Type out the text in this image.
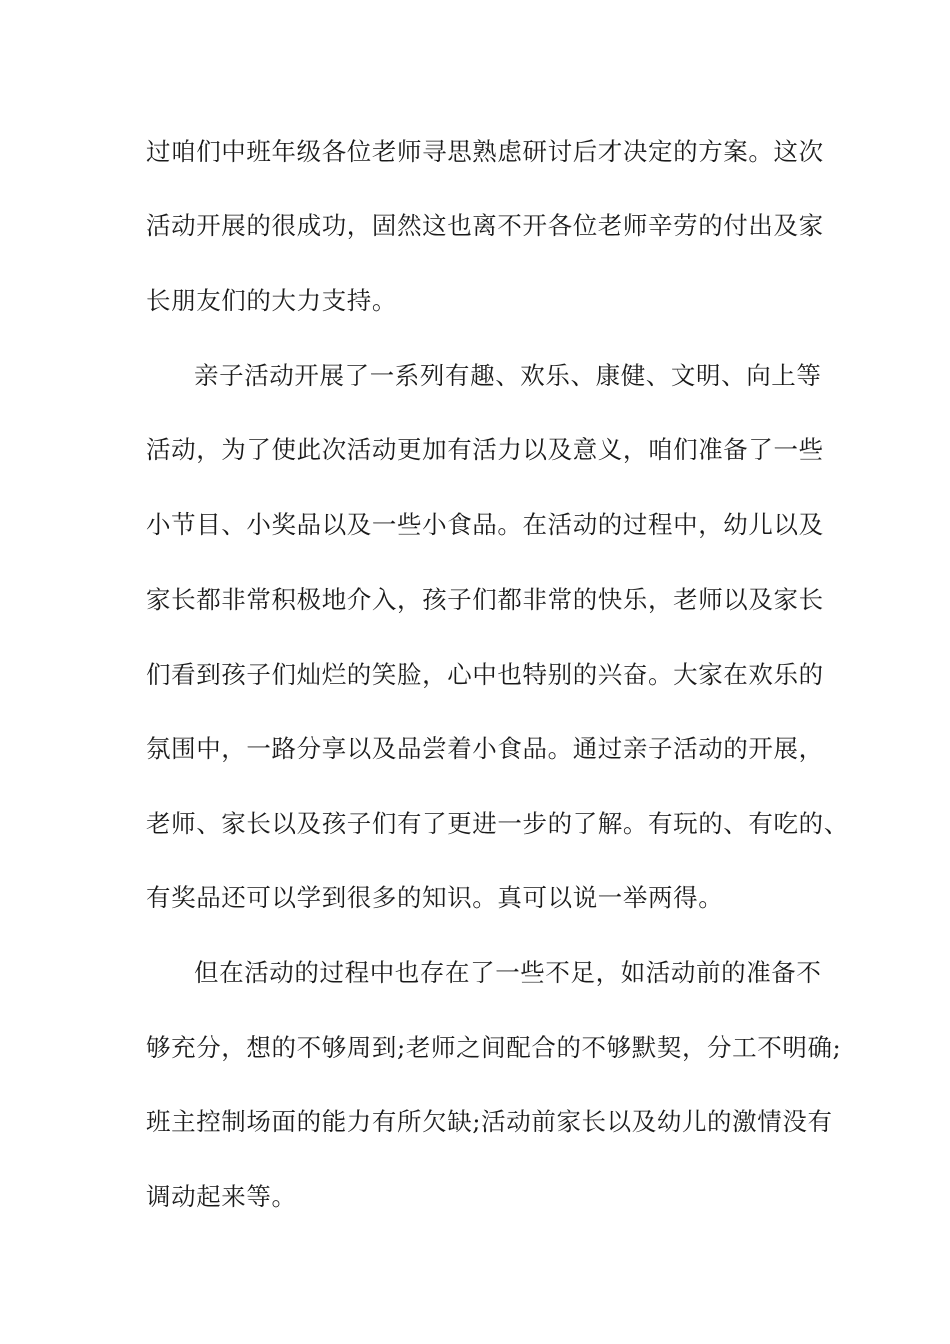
过咱们中班年级各位老师寻思熟虑研讨后才决定的方案。这次
活动开展的很成功，固然这也离不开各位老师辛劳的付出及家
长朋友们的大力支持。
亲子活动开展了一系列有趣、欢乐、康健、文明、向上等
活动，为了使此次活动更加有活力以及意义，咱们准备了一些
小节目、小奖品以及一些小食品。在活动的过程中，幼儿以及
家长都非常积极地介入，孩子们都非常的快乐，老师以及家长
们看到孩子们灿烂的笑脸，心中也特别的兴奋。大家在欢乐的
氛围中，一路分享以及品尝着小食品。通过亲子活动的开展，
老师、家长以及孩子们有了更进一步的了解。有玩的、有吃的、
有奖品还可以学到很多的知识。真可以说一举两得。
但在活动的过程中也存在了一些不足，如活动前的准备不
够充分，想的不够周到;老师之间配合的不够默契，分工不明确;
班主控制场面的能力有所欠缺;活动前家长以及幼儿的激情没有
调动起来等。
